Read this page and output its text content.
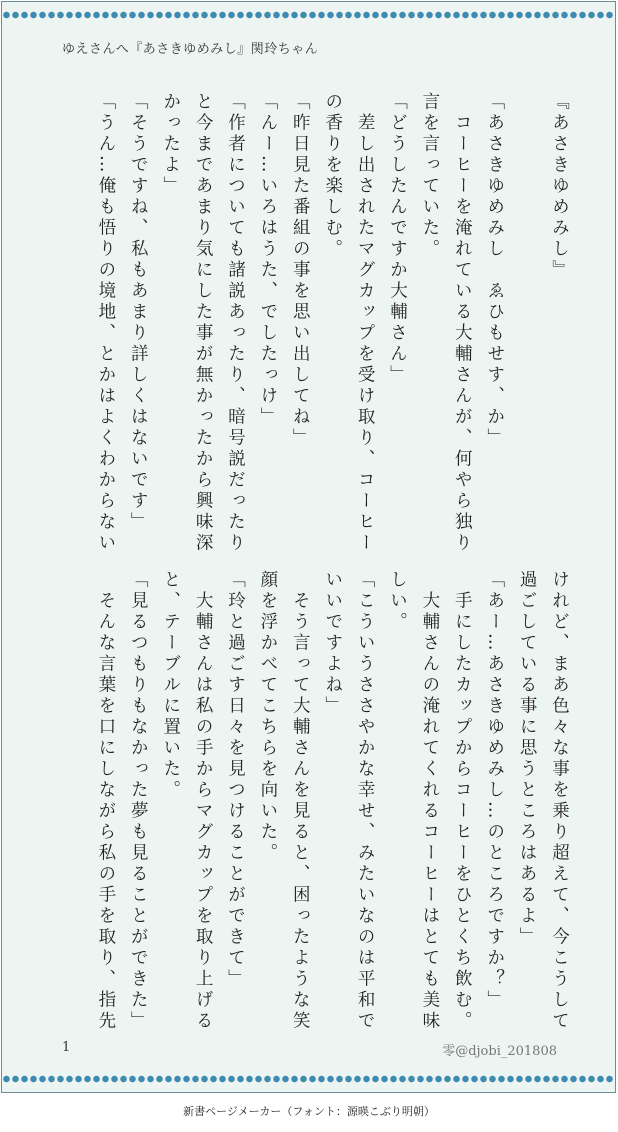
ゆえさんへ『あさきゆめみし』関玲ちゃん
『あさきゆめみし』
「あさきゆめみし　ゑひもせす、か」
　コーヒーを淹れている大輔さんが、何やら独り
言を言っていた。
「どうしたんですか大輔さん」
　差し出されたマグカップを受け取り、コーヒー
の香りを楽しむ。
「昨日見た番組の事を思い出してね」
「んー…いろはうた、でしたっけ」
「作者についても諸説あったり、暗号説だったり
と今まであまり気にした事が無かったから興味深
かったよ」
「そうですね、私もあまり詳しくはないです」
「うん…俺も悟りの境地、とかはよくわからない
けれど、まあ色々な事を乗り超えて、今こうして
過ごしている事に思うところはあるよ」
「あー…あさきゆめみし…のところですか？」
　手にしたカップからコーヒーをひとくち飲む。
　大輔さんの淹れてくれるコーヒーはとても美味
しい。
「こういうささやかな幸せ、みたいなのは平和で
いいですよね」
　そう言って大輔さんを見ると、困ったような笑
顔を浮かべてこちらを向いた。
「玲と過ごす日々を見つけることができて」
　大輔さんは私の手からマグカップを取り上げる
と、テーブルに置いた。
「見るつもりもなかった夢も見ることができた」
　そんな言葉を口にしながら私の手を取り、指先
1	零@djobi_201808
新書ページメーカー（フォント：源暎こぶり明朝）
